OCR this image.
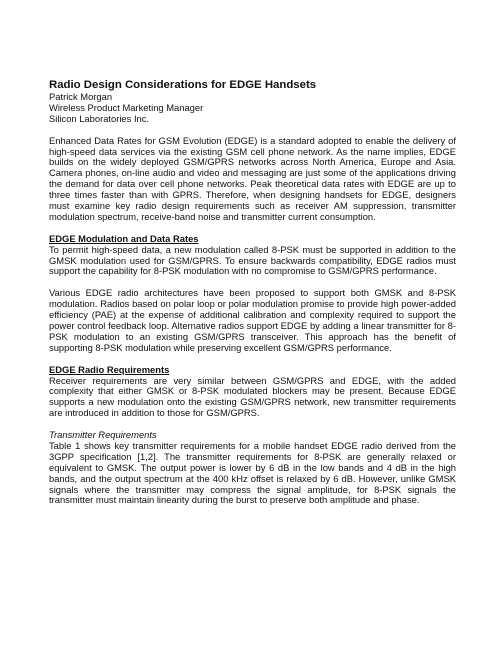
Radio Design Considerations for EDGE Handsets

Patrick Morgan

Wireless Product Marketing Manager

Silicon Laboratories Inc.

Enhanced Data Rates for GSM Evolution (EDGE) is a standard adopted to enable the delivery of high-speed data services via the existing GSM cell phone network. As the name implies, EDGE builds on the widely deployed GSM/GPRS networks across North America, Europe and Asia. Camera phones, on-line audio and video and messaging are just some of the applications driving the demand for data over cell phone networks. Peak theoretical data rates with EDGE are up to three times faster than with GPRS. Therefore, when designing handsets for EDGE, designers must examine key radio design requirements such as receiver AM suppression, transmitter modulation spectrum, receive-band noise and transmitter current consumption.

EDGE Modulation and Data Rates

To permit high-speed data, a new modulation called 8-PSK must be supported in addition to the GMSK modulation used for GSM/GPRS. To ensure backwards compatibility, EDGE radios must support the capability for 8-PSK modulation with no compromise to GSM/GPRS performance.

Various EDGE radio architectures have been proposed to support both GMSK and 8-PSK modulation. Radios based on polar loop or polar modulation promise to provide high power-added efficiency (PAE) at the expense of additional calibration and complexity required to support the power control feedback loop. Alternative radios support EDGE by adding a linear transmitter for 8-PSK modulation to an existing GSM/GPRS transceiver. This approach has the benefit of supporting 8-PSK modulation while preserving excellent GSM/GPRS performance.

EDGE Radio Requirements

Receiver requirements are very similar between GSM/GPRS and EDGE, with the added complexity that either GMSK or 8-PSK modulated blockers may be present. Because EDGE supports a new modulation onto the existing GSM/GPRS network, new transmitter requirements are introduced in addition to those for GSM/GPRS.

Transmitter Requirements

Table 1 shows key transmitter requirements for a mobile handset EDGE radio derived from the 3GPP specification [1,2]. The transmitter requirements for 8-PSK are generally relaxed or equivalent to GMSK. The output power is lower by 6 dB in the low bands and 4 dB in the high bands, and the output spectrum at the 400 kHz offset is relaxed by 6 dB. However, unlike GMSK signals where the transmitter may compress the signal amplitude, for 8-PSK signals the transmitter must maintain linearity during the burst to preserve both amplitude and phase.
